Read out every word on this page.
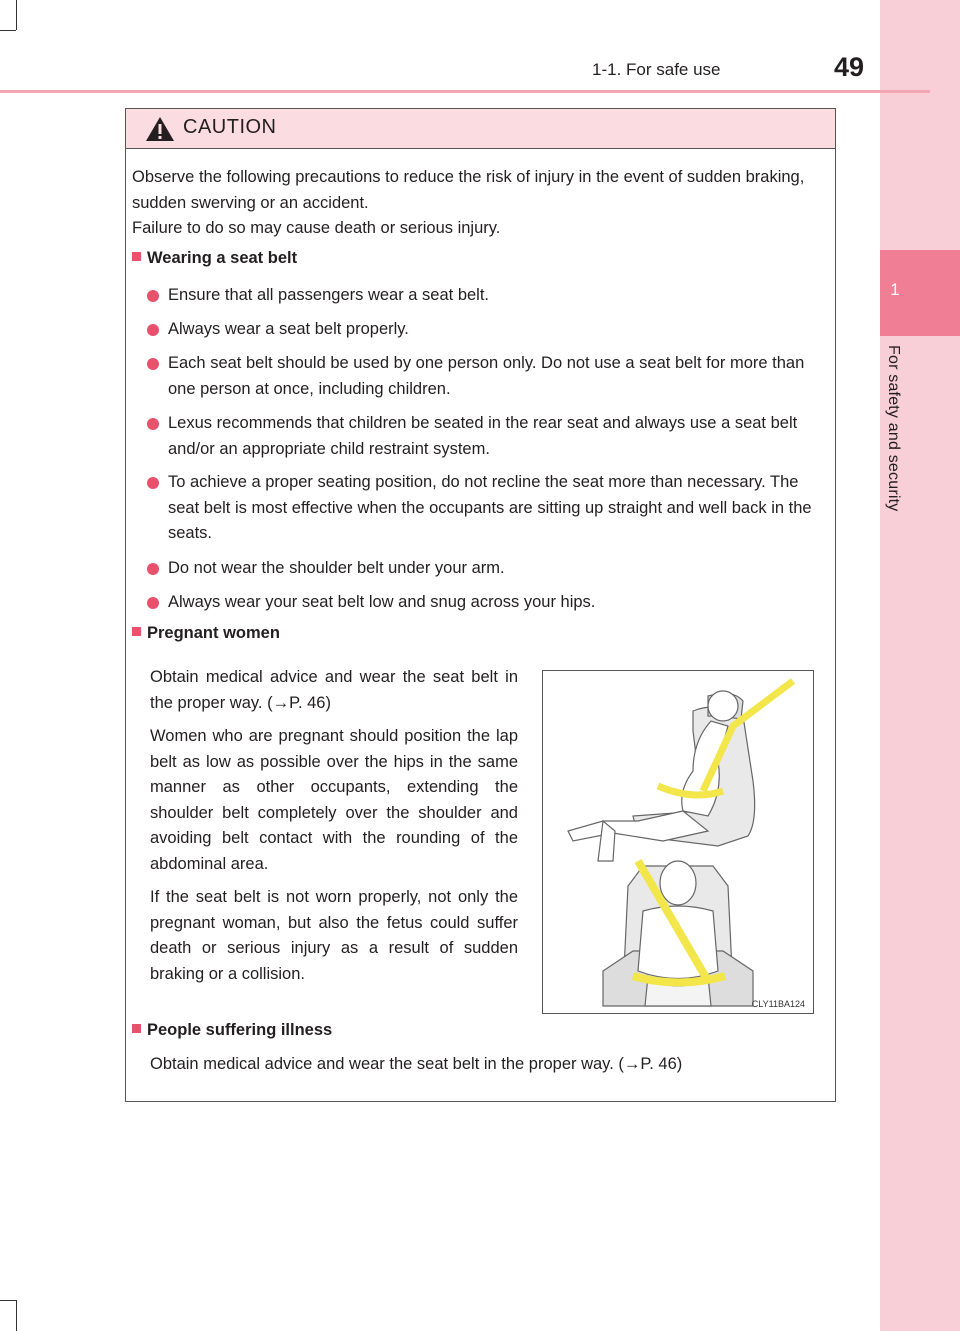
1
For safety and security
1-1. For safe use	49
CAUTION

Observe the following precautions to reduce the risk of injury in the event of sudden braking, sudden swerving or an accident.

Failure to do so may cause death or serious injury.

Wearing a seat belt
Ensure that all passengers wear a seat belt.
Always wear a seat belt properly.
Each seat belt should be used by one person only. Do not use a seat belt for more than one person at once, including children.
Lexus recommends that children be seated in the rear seat and always use a seat belt and/or an appropriate child restraint system.
To achieve a proper seating position, do not recline the seat more than necessary. The seat belt is most effective when the occupants are sitting up straight and well back in the seats.
Do not wear the shoulder belt under your arm.
Always wear your seat belt low and snug across your hips.
Pregnant women

Obtain medical advice and wear the seat belt in the proper way. (→P. 46)

Women who are pregnant should position the lap belt as low as possible over the hips in the same manner as other occupants, extending the shoulder belt completely over the shoulder and avoiding belt contact with the rounding of the abdominal area.

If the seat belt is not worn properly, not only the pregnant woman, but also the fetus could suffer death or serious injury as a result of sudden braking or a collision.

CLY11BA124
People suffering illness
Obtain medical advice and wear the seat belt in the proper way. (→P. 46)
